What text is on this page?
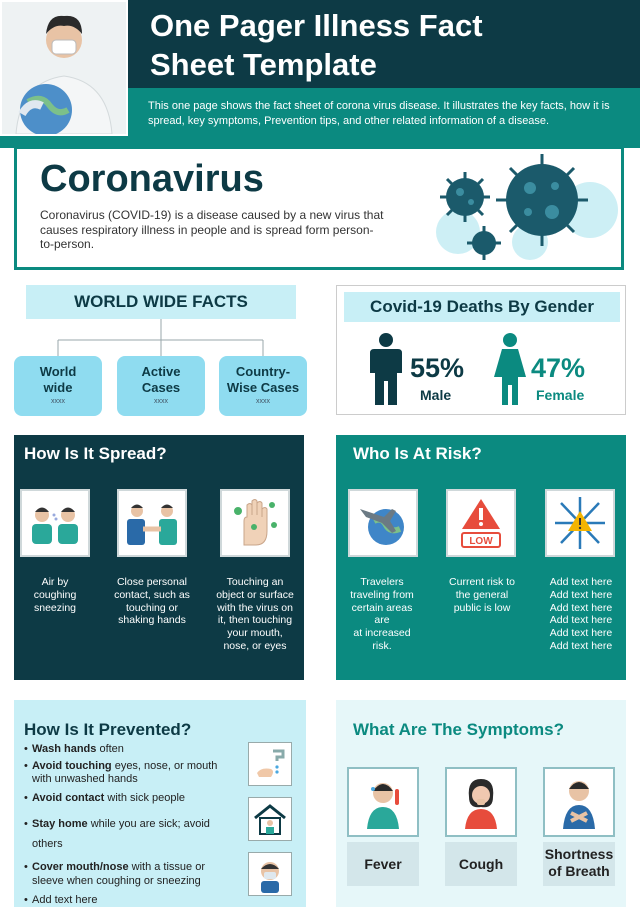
One Pager Illness Fact
Sheet Template
This one page shows the fact sheet of corona virus disease. It illustrates the key facts, how it is spread, key symptoms, Prevention tips, and other related information of a disease.
Coronavirus
Coronavirus (COVID-19) is a disease caused by a new virus that causes respiratory illness in people and is spread form person-to-person.
WORLD WIDE FACTS
World
wide
xxxx
Active
Cases
xxxx
Country-
Wise Cases
xxxx
Covid-19 Deaths By Gender
55%
Male
47%
Female
How Is It Spread?
Air by
coughing
sneezing
Close personal
contact, such as
touching or
shaking hands
Touching an
object or surface
with the virus on
it, then touching
your mouth,
nose, or eyes
Who Is At Risk?
LOW
Travelers
traveling from
certain areas are
at increased risk.
Current risk to
the general
public is low
Add text here
Add text here
Add text here
Add text here
Add text here
Add text here
How Is It Prevented?
• Wash hands often
• Avoid touching eyes, nose, or mouth
with unwashed hands
• Avoid contact with sick people
• Stay home while you are sick; avoid
others
• Cover mouth/nose with a tissue or
sleeve when coughing or sneezing
• Add text here
What Are The Symptoms?
Fever	Cough
Shortness
of Breath
